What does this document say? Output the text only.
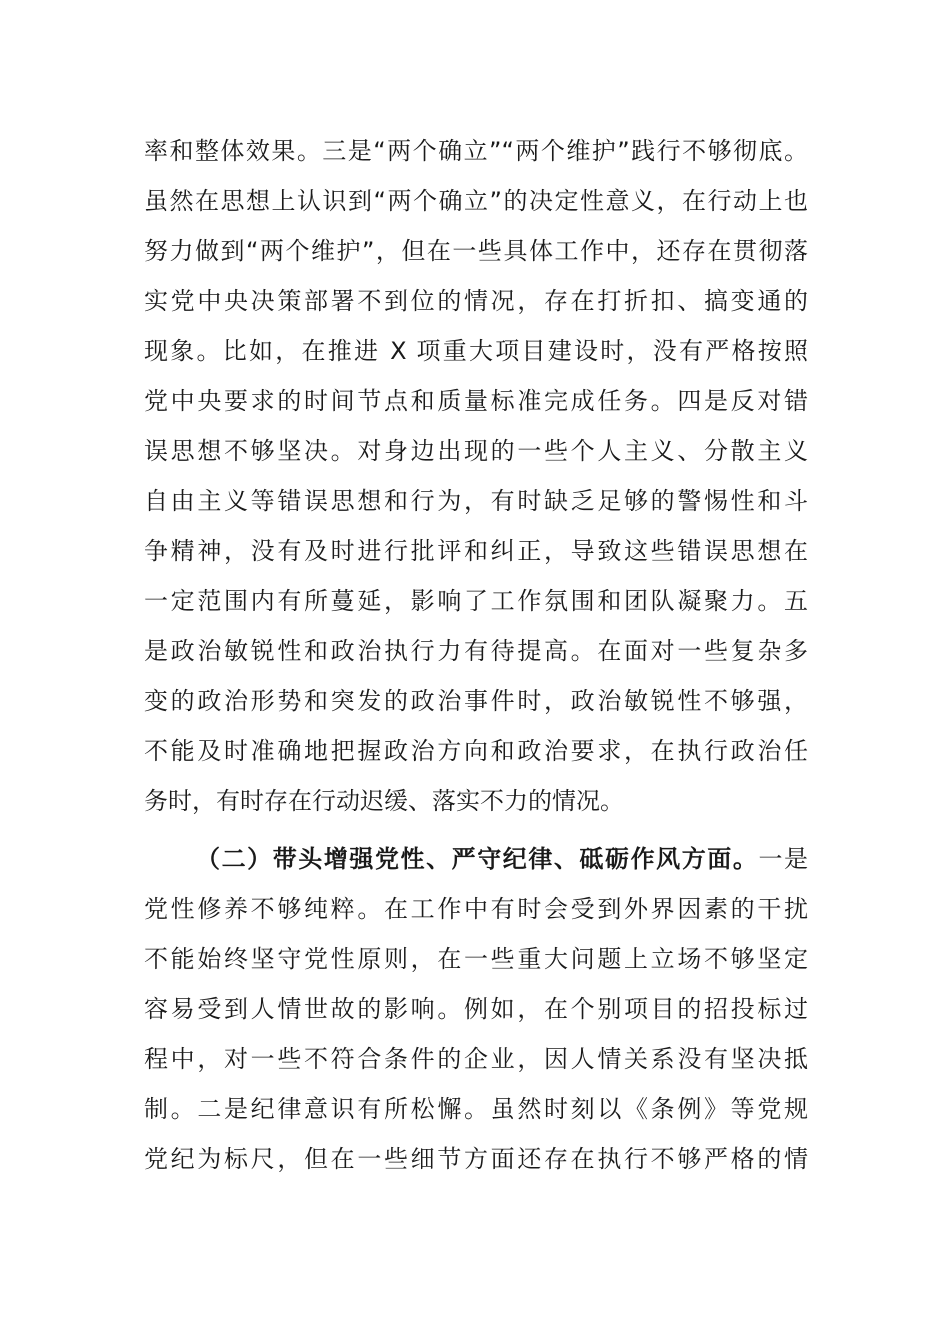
率和整体效果。三是“两个确立”“两个维护”践行不够彻底。
虽然在思想上认识到“两个确立”的决定性意义，在行动上也
努力做到“两个维护”，但在一些具体工作中，还存在贯彻落
实党中央决策部署不到位的情况，存在打折扣、搞变通的
现象。比如，在推进 X 项重大项目建设时，没有严格按照
党中央要求的时间节点和质量标准完成任务。四是反对错
误思想不够坚决。对身边出现的一些个人主义、分散主义
自由主义等错误思想和行为，有时缺乏足够的警惕性和斗
争精神，没有及时进行批评和纠正，导致这些错误思想在
一定范围内有所蔓延，影响了工作氛围和团队凝聚力。五
是政治敏锐性和政治执行力有待提高。在面对一些复杂多
变的政治形势和突发的政治事件时，政治敏锐性不够强，
不能及时准确地把握政治方向和政治要求，在执行政治任
务时，有时存在行动迟缓、落实不力的情况。
（二）带头增强党性、严守纪律、砥砺作风方面。一是
党性修养不够纯粹。在工作中有时会受到外界因素的干扰
不能始终坚守党性原则，在一些重大问题上立场不够坚定
容易受到人情世故的影响。例如，在个别项目的招投标过
程中，对一些不符合条件的企业，因人情关系没有坚决抵
制。二是纪律意识有所松懈。虽然时刻以《条例》等党规
党纪为标尺，但在一些细节方面还存在执行不够严格的情
